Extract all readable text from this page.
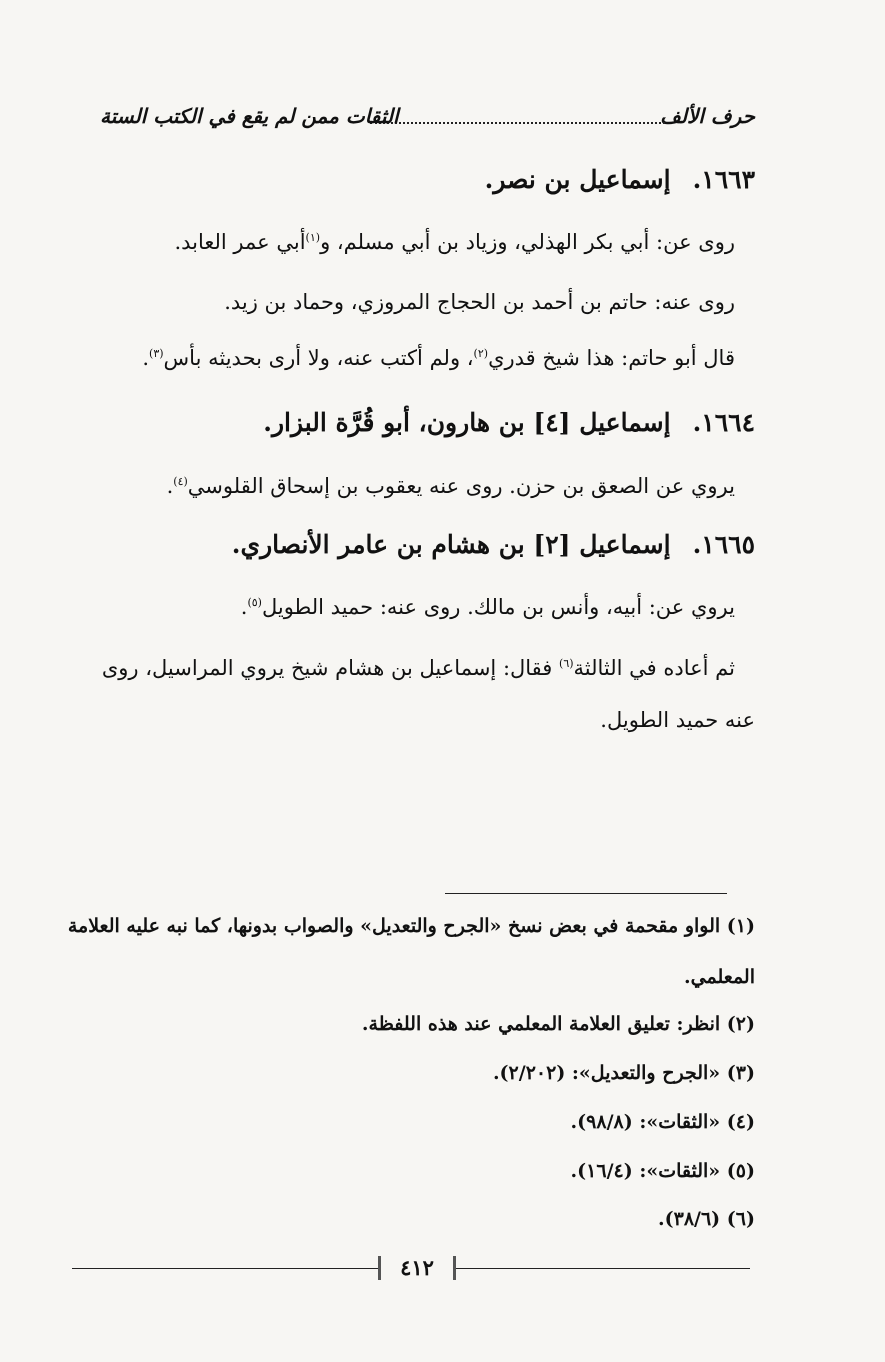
حرف الألف
الثقات ممن لم يقع في الكتب الستة
١٦٦٣.إسماعيل بن نصر.
روى عن: أبي بكر الهذلي، وزياد بن أبي مسلم، و$^{(١)}$أبي عمر العابد.
روى عنه: حاتم بن أحمد بن الحجاج المروزي، وحماد بن زيد.
قال أبو حاتم: هذا شيخ قدري$^{(٢)}$، ولم أكتب عنه، ولا أرى بحديثه بأس$^{(٣)}$.
١٦٦٤.إسماعيل [٤] بن هارون، أبو قُرَّة البزار.
يروي عن الصعق بن حزن. روى عنه يعقوب بن إسحاق القلوسي$^{(٤)}$.
١٦٦٥.إسماعيل [٢] بن هشام بن عامر الأنصاري.
يروي عن: أبيه، وأنس بن مالك. روى عنه: حميد الطويل$^{(٥)}$.
ثم أعاده في الثالثة$^{(٦)}$ فقال: إسماعيل بن هشام شيخ يروي المراسيل، روى
عنه حميد الطويل.
(١) الواو مقحمة في بعض نسخ «الجرح والتعديل» والصواب بدونها، كما نبه عليه العلامة
المعلمي.
(٢) انظر: تعليق العلامة المعلمي عند هذه اللفظة.
(٣) «الجرح والتعديل»: (٢/٢٠٢).
(٤) «الثقات»: (٩٨/٨).
(٥) «الثقات»: (١٦/٤).
(٦) (٣٨/٦).
٤١٢
